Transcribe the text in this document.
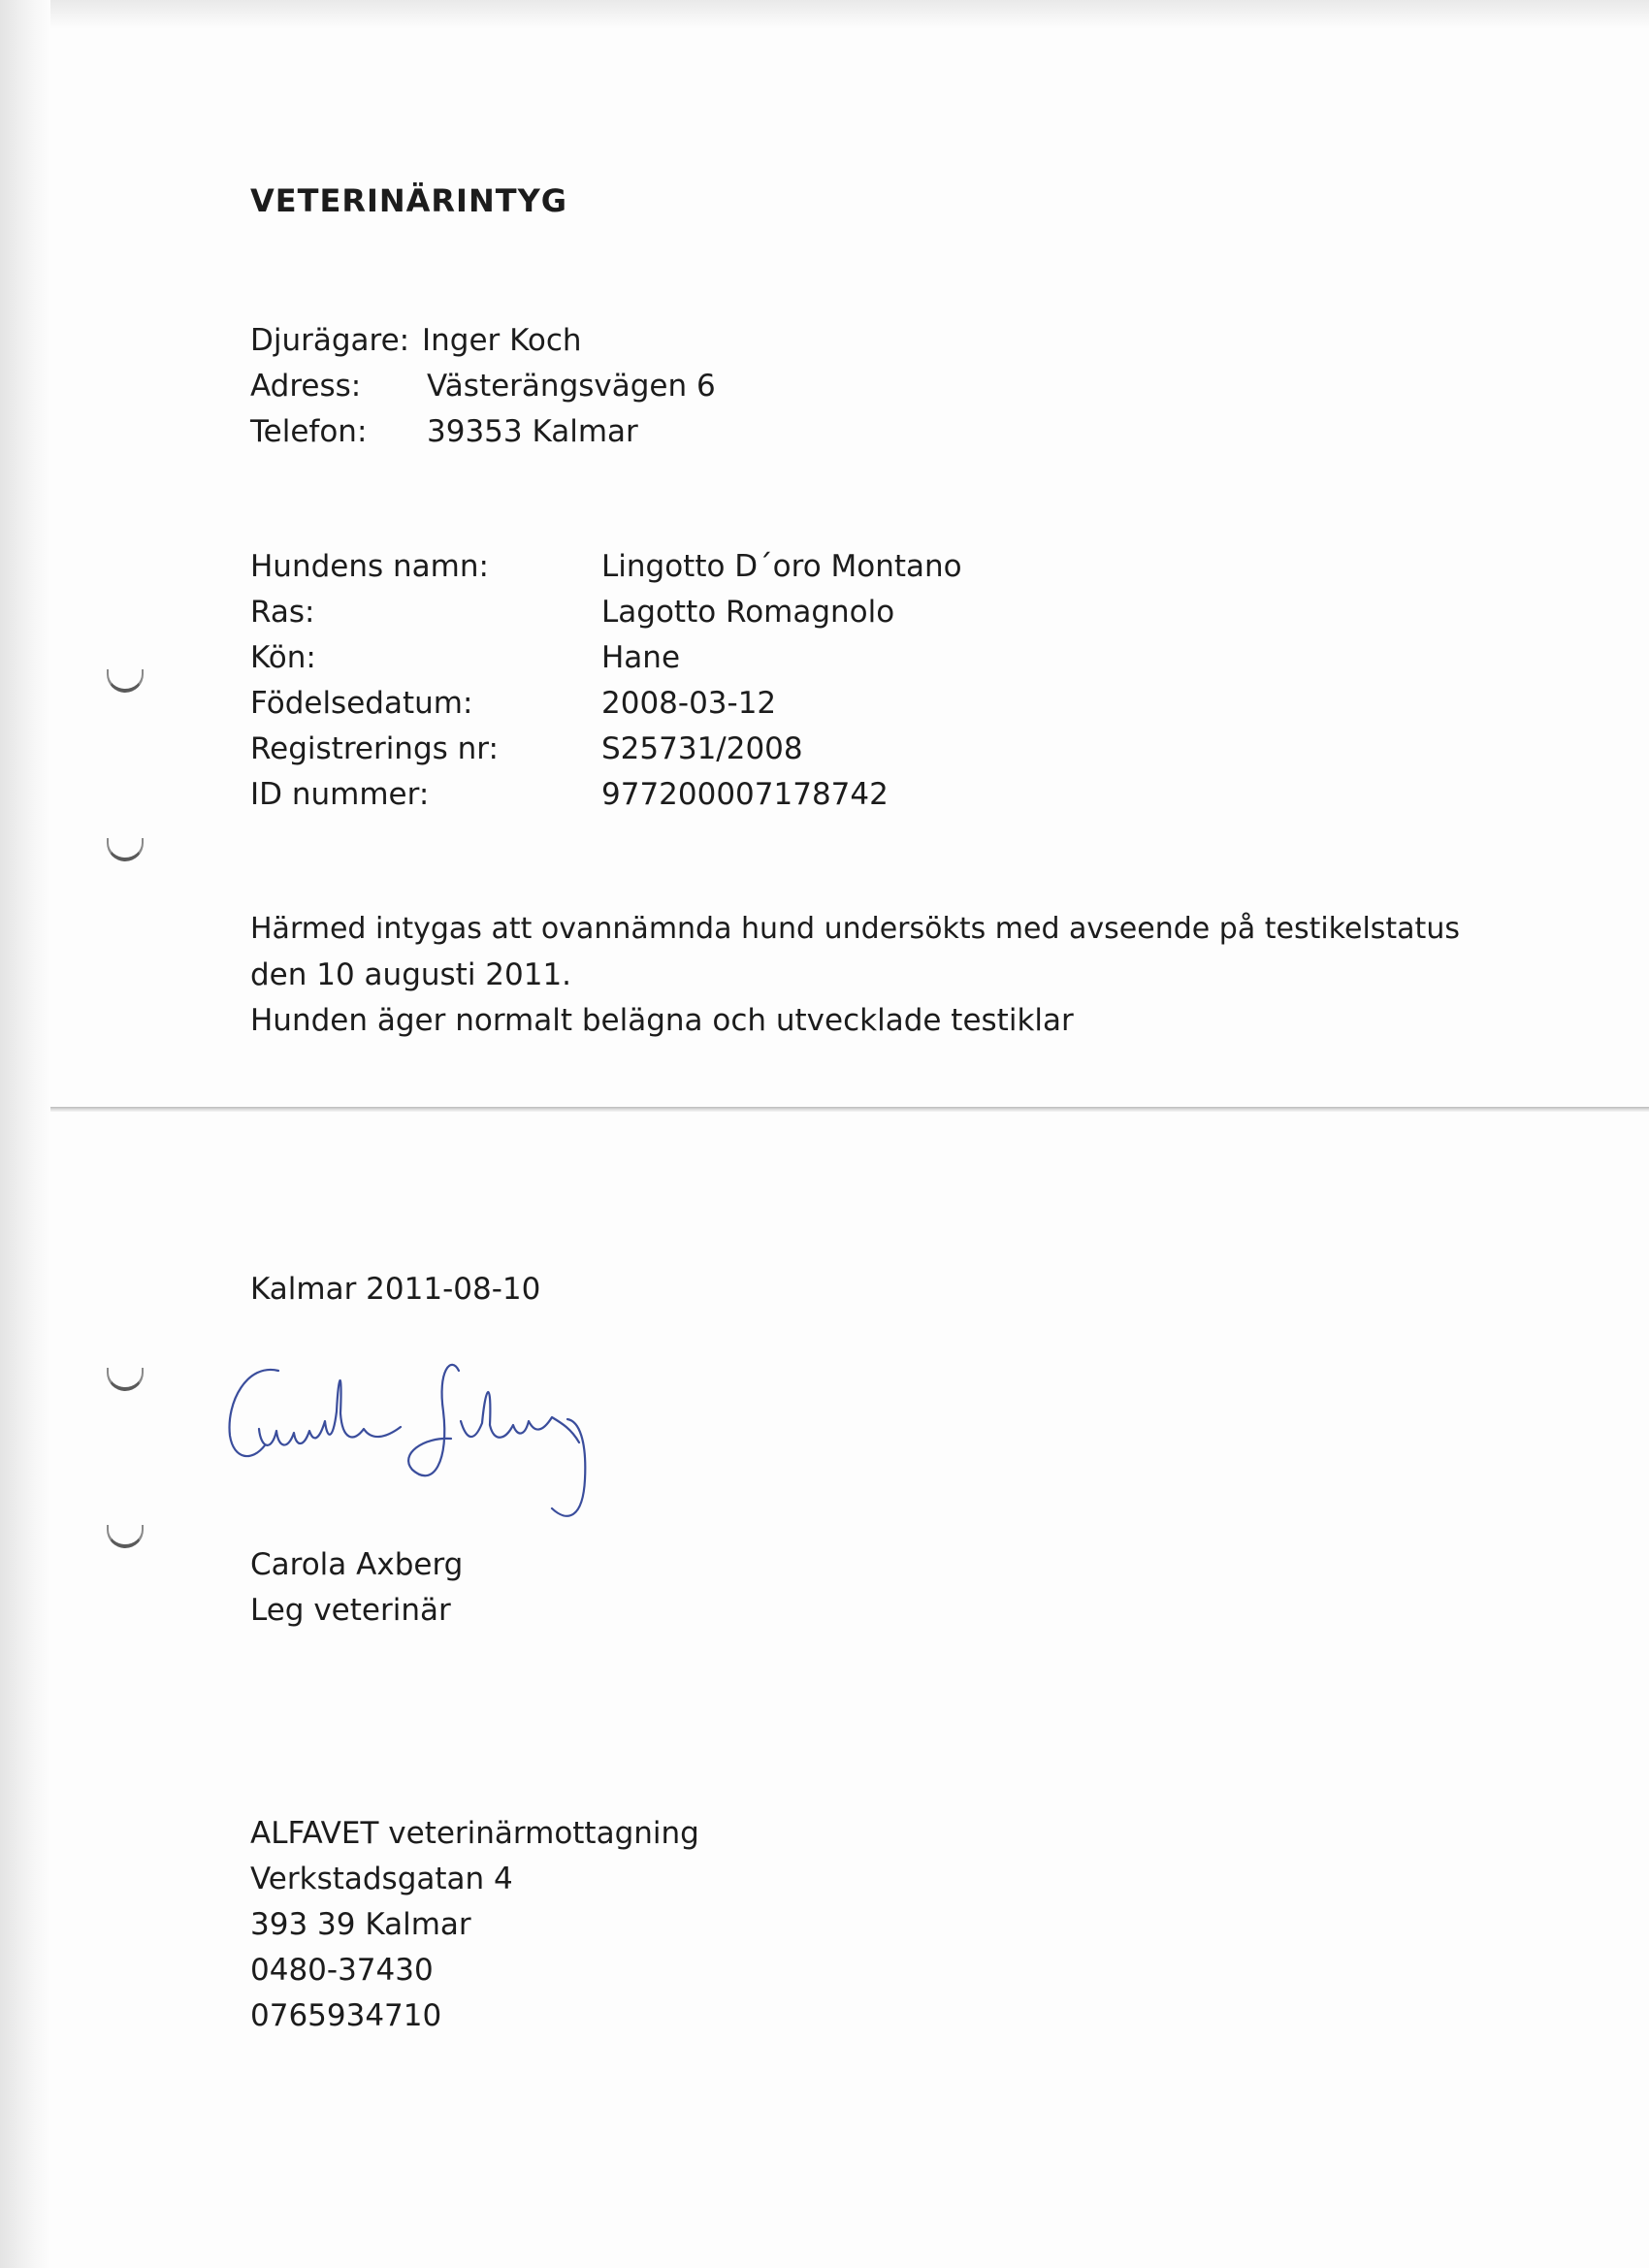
VETERINÄRINTYG
Djurägare: Inger Koch
Adress: Västerängsvägen 6
Telefon: 39353 Kalmar
Hundens namn:	Lingotto D´oro Montano
Ras:	Lagotto Romagnolo
Kön:	Hane
Födelsedatum:	2008-03-12
Registrerings nr:	S25731/2008
ID nummer:	977200007178742
Härmed intygas att ovannämnda hund undersökts med avseende på testikelstatus
den 10 augusti 2011.
Hunden äger normalt belägna och utvecklade testiklar
Kalmar 2011-08-10
Carola Axberg
Leg veterinär
ALFAVET veterinärmottagning
Verkstadsgatan 4
393 39 Kalmar
0480-37430
0765934710
